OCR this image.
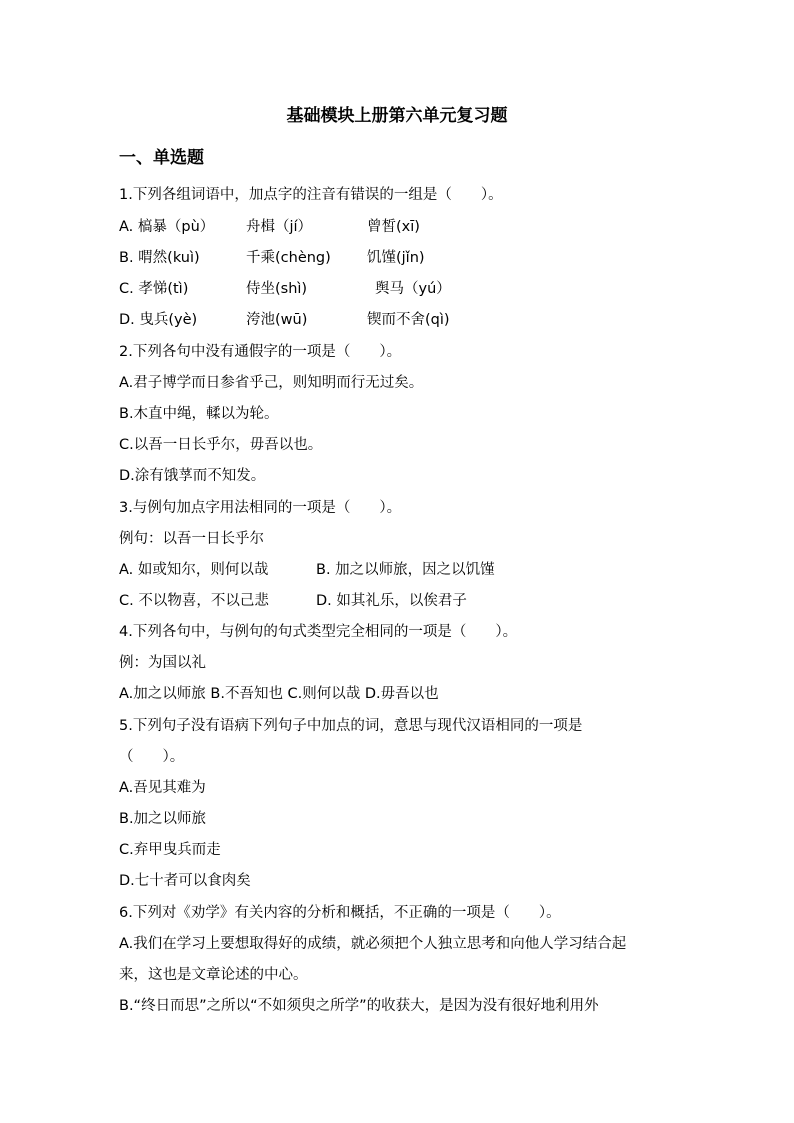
基础模块上册第六单元复习题
一、单选题
1.下列各组词语中，加点字的注音有错误的一组是（　　）。
A. 槁暴（pù） 舟楫（jí）	曾皙(xī)
B. 喟然(kuì)	千乘(chèng) 饥馑(jǐn)
C. 孝悌(tì)	侍坐(shì)	舆马（yú）
D. 曳兵(yè)	洿池(wū)	锲而不舍(qì)
2.下列各句中没有通假字的一项是（　　）。
A.君子博学而日参省乎己，则知明而行无过矣。
B.木直中绳，輮以为轮。
C.以吾一日长乎尔，毋吾以也。
D.涂有饿莩而不知发。
3.与例句加点字用法相同的一项是（　　）。
例句：以吾一日长乎尔
A. 如或知尔，则何以哉	B. 加之以师旅，因之以饥馑
C. 不以物喜，不以己悲	D. 如其礼乐，以俟君子
4.下列各句中，与例句的句式类型完全相同的一项是（　　）。
例：为国以礼
A.加之以师旅 B.不吾知也 C.则何以哉 D.毋吾以也
5.下列句子没有语病下列句子中加点的词，意思与现代汉语相同的一项是
（　　）。
A.吾见其难为
B.加之以师旅
C.弃甲曳兵而走
D.七十者可以食肉矣
6.下列对《劝学》有关内容的分析和概括，不正确的一项是（　　）。
A.我们在学习上要想取得好的成绩，就必须把个人独立思考和向他人学习结合起
来，这也是文章论述的中心。
B.“终日而思”之所以“不如须臾之所学”的收获大，是因为没有很好地利用外
